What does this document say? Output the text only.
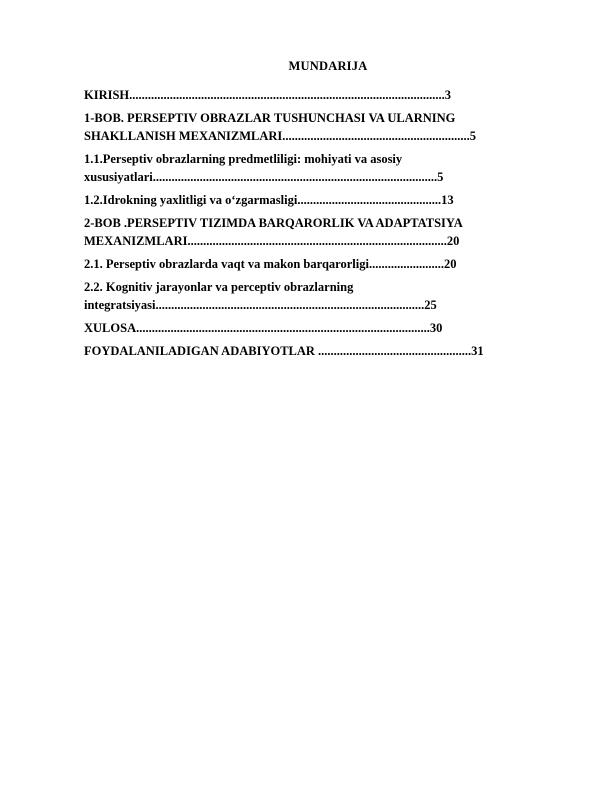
MUNDARIJA
KIRISH.....................................................................................................3
1-BOB. PERSEPTIV OBRAZLAR TUSHUNCHASI VA ULARNING
SHAKLLANISH MEXANIZMLARI............................................................5
1.1.Perseptiv obrazlarning predmetliligi: mohiyati va asosiy
xususiyatlari...........................................................................................5
1.2.Idrokning yaxlitligi va o‘zgarmasligi..............................................13
2-BOB .PERSEPTIV TIZIMDA BARQARORLIK VA ADAPTATSIYA
MEXANIZMLARI...................................................................................20
2.1. Perseptiv obrazlarda vaqt va makon barqarorligi........................20
2.2. Kognitiv jarayonlar va perceptiv obrazlarning
integratsiyasi......................................................................................25
XULOSA..............................................................................................30
FOYDALANILADIGAN ADABIYOTLAR .................................................31
